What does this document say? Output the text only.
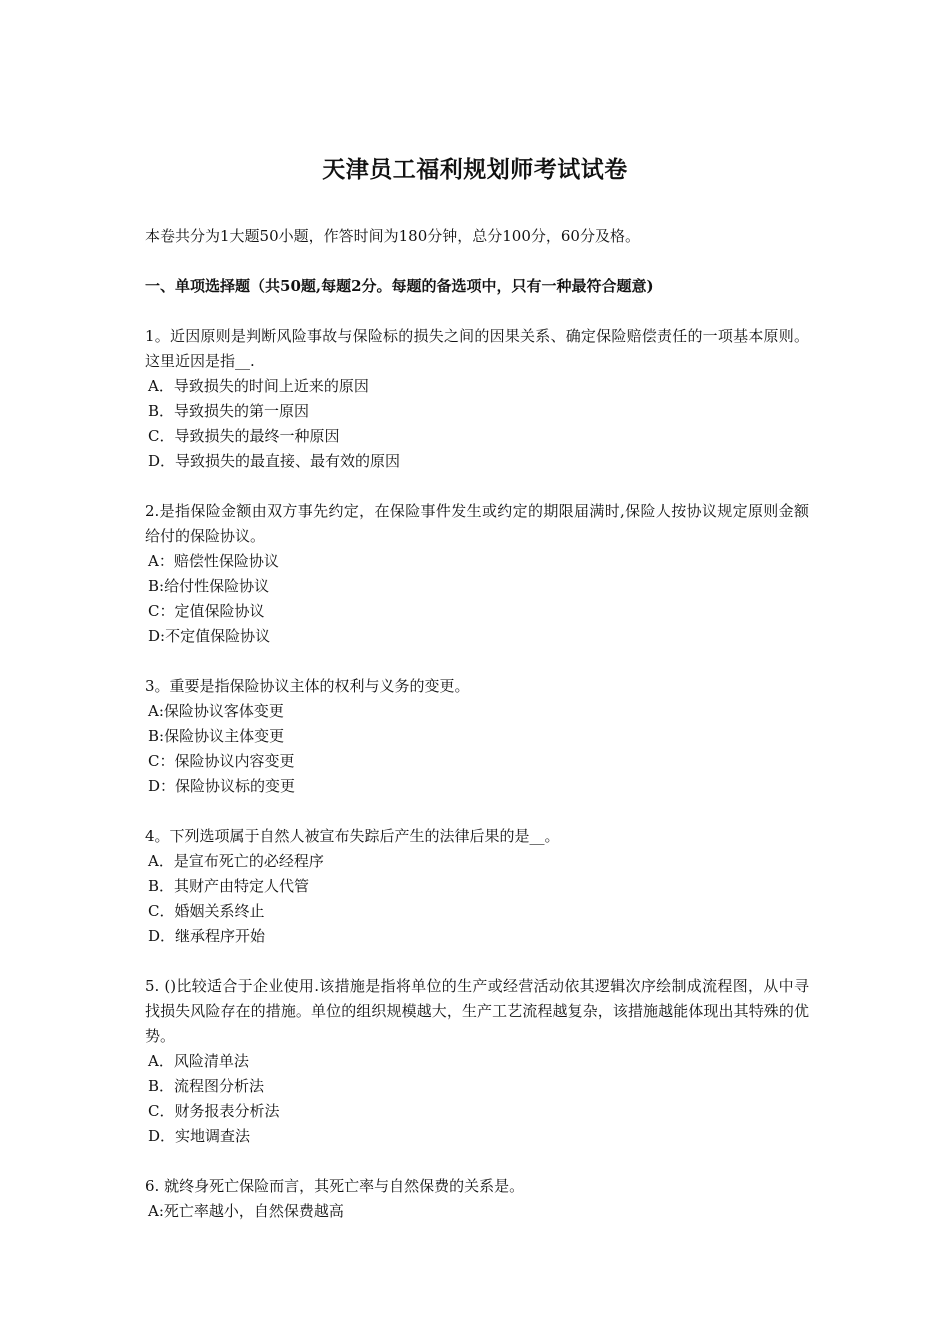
天津员工福利规划师考试试卷
本卷共分为1大题50小题，作答时间为180分钟，总分100分，60分及格。
一、单项选择题（共50题,每题2分。每题的备选项中，只有一种最符合题意)
1。近因原则是判断风险事故与保险标的损失之间的因果关系、确定保险赔偿责任的一项基本原则。这里近因是指__.
A．导致损失的时间上近来的原因
B．导致损失的第一原因
C．导致损失的最终一种原因
D．导致损失的最直接、最有效的原因
2.是指保险金额由双方事先约定，在保险事件发生或约定的期限届满时,保险人按协议规定原则金额给付的保险协议。
A：赔偿性保险协议
B:给付性保险协议
C：定值保险协议
D:不定值保险协议
3。重要是指保险协议主体的权利与义务的变更。
A:保险协议客体变更
B:保险协议主体变更
C：保险协议内容变更
D：保险协议标的变更
4。下列选项属于自然人被宣布失踪后产生的法律后果的是__。
A．是宣布死亡的必经程序
B．其财产由特定人代管
C．婚姻关系终止
D．继承程序开始
5. ()比较适合于企业使用.该措施是指将单位的生产或经营活动依其逻辑次序绘制成流程图，从中寻找损失风险存在的措施。单位的组织规模越大，生产工艺流程越复杂，该措施越能体现出其特殊的优势。
A．风险清单法
B．流程图分析法
C．财务报表分析法
D．实地调查法
6. 就终身死亡保险而言，其死亡率与自然保费的关系是。
A:死亡率越小，自然保费越高
